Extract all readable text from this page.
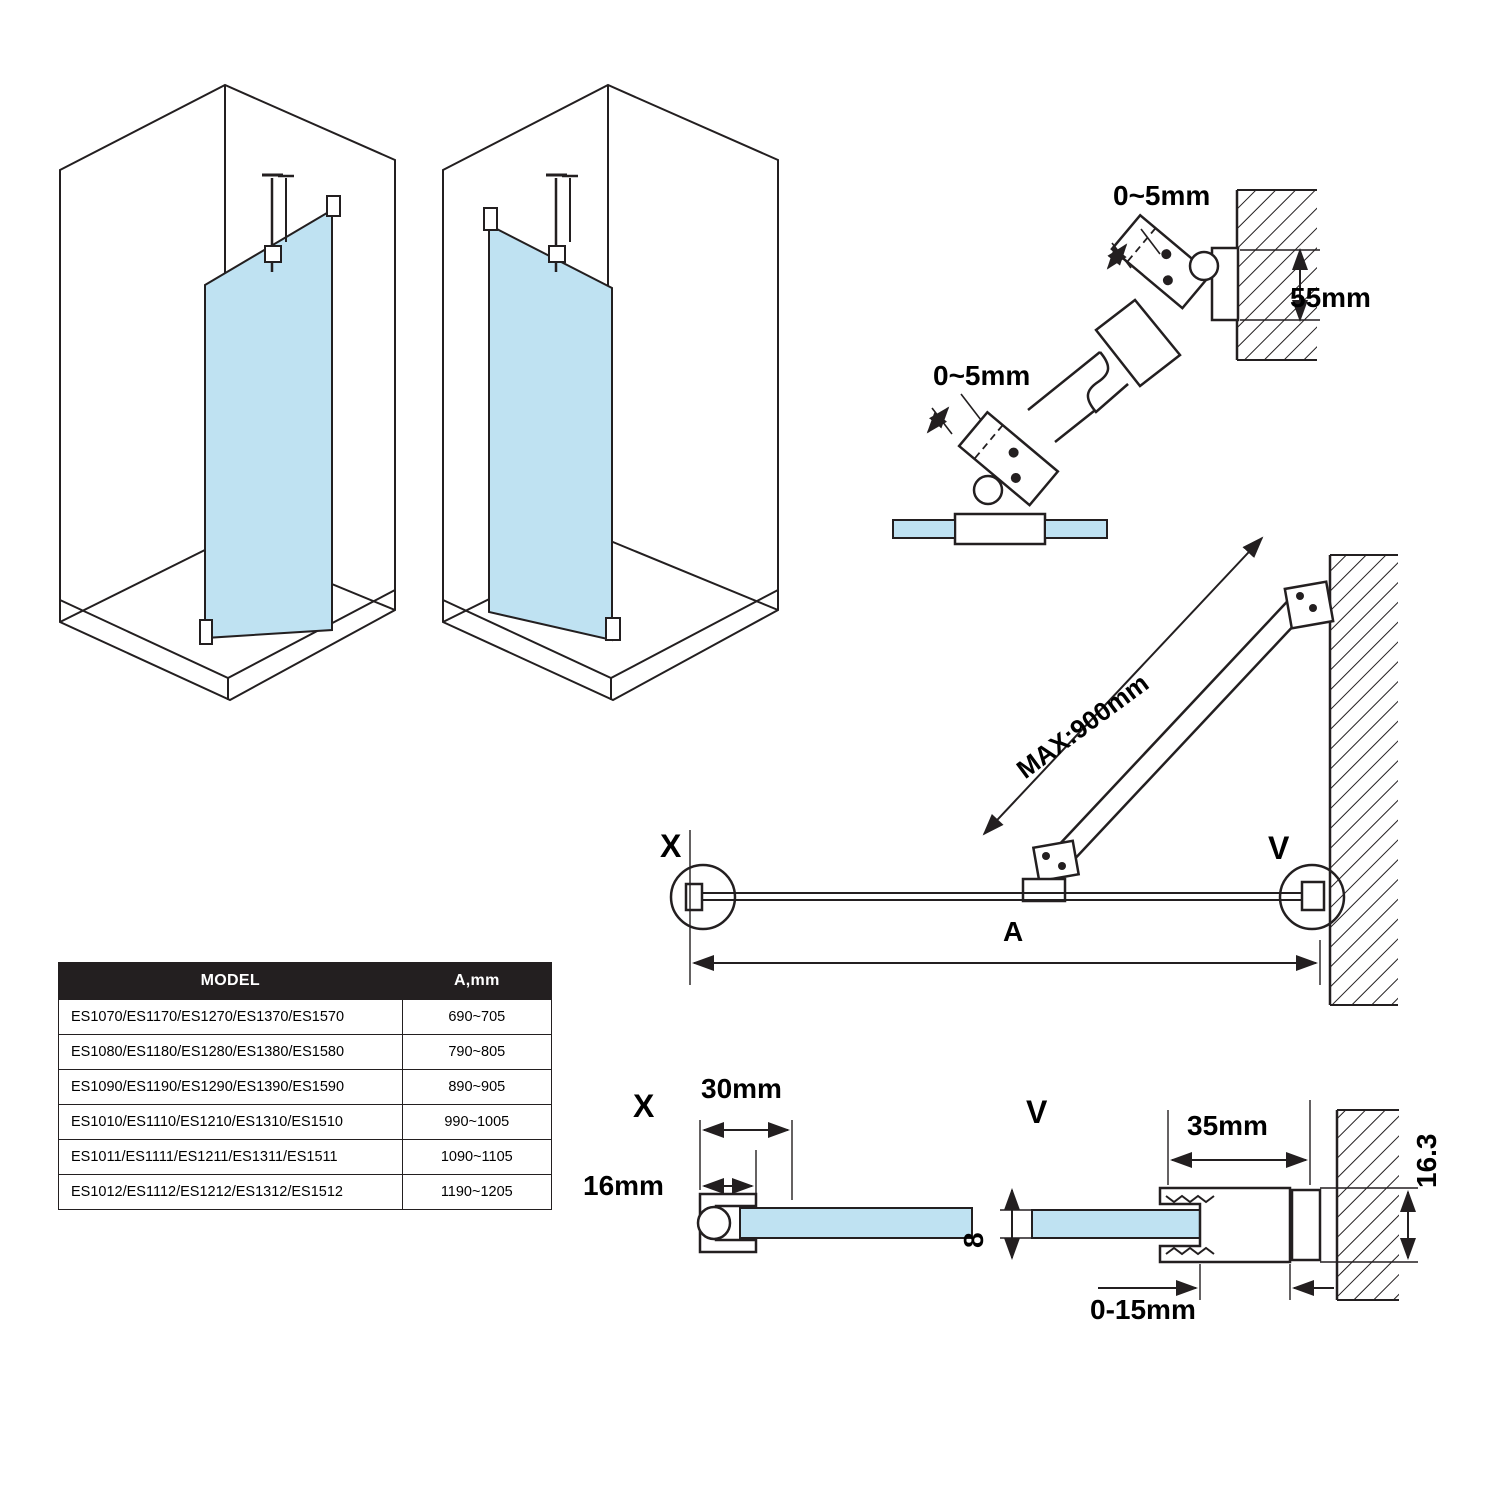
0~5mm
55mm
0~5mm
MAX:900mm
A
X	V
X	V
30mm
16mm
35mm
16.3
8
0-15mm
MODEL	A,mm
ES1070/ES1170/ES1270/ES1370/ES1570	690~705
ES1080/ES1180/ES1280/ES1380/ES1580	790~805
ES1090/ES1190/ES1290/ES1390/ES1590	890~905
ES1010/ES1110/ES1210/ES1310/ES1510	990~1005
ES1011/ES1111/ES1211/ES1311/ES1511	1090~1105
ES1012/ES1112/ES1212/ES1312/ES1512	1190~1205
